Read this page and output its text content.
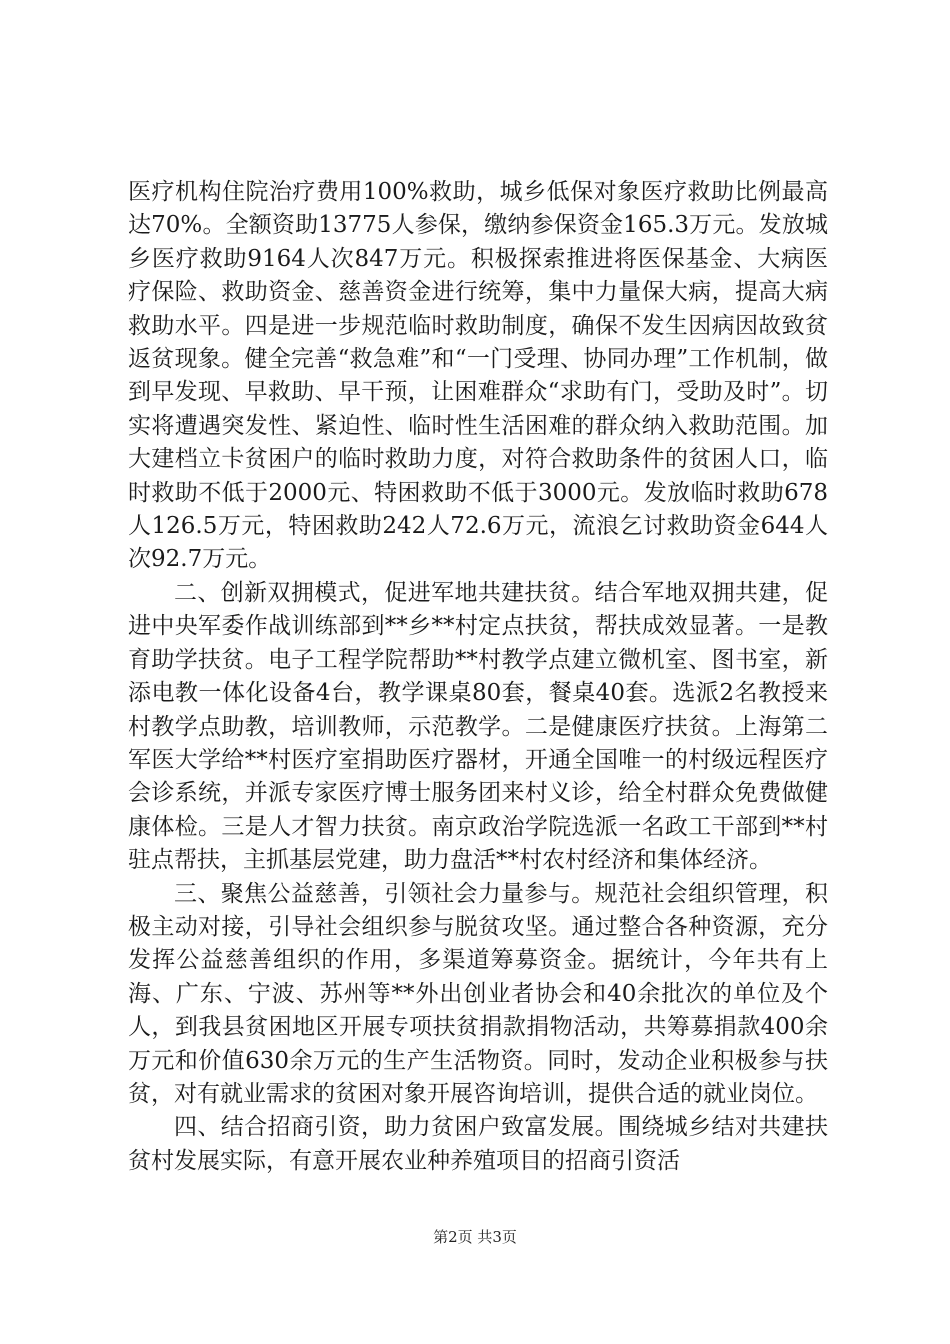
医疗机构住院治疗费用100%救助，城乡低保对象医疗救助比例最高达70%。全额资助13775人参保，缴纳参保资金165.3万元。发放城乡医疗救助9164人次847万元。积极探索推进将医保基金、大病医疗保险、救助资金、慈善资金进行统筹，集中力量保大病，提高大病救助水平。四是进一步规范临时救助制度，确保不发生因病因故致贫返贫现象。健全完善“救急难”和“一门受理、协同办理”工作机制，做到早发现、早救助、早干预，让困难群众“求助有门，受助及时”。切实将遭遇突发性、紧迫性、临时性生活困难的群众纳入救助范围。加大建档立卡贫困户的临时救助力度，对符合救助条件的贫困人口，临时救助不低于2000元、特困救助不低于3000元。发放临时救助678人126.5万元，特困救助242人72.6万元，流浪乞讨救助资金644人次92.7万元。

二、创新双拥模式，促进军地共建扶贫。结合军地双拥共建，促进中央军委作战训练部到**乡**村定点扶贫，帮扶成效显著。一是教育助学扶贫。电子工程学院帮助**村教学点建立微机室、图书室，新添电教一体化设备4台，教学课桌80套，餐桌40套。选派2名教授来村教学点助教，培训教师，示范教学。二是健康医疗扶贫。上海第二军医大学给**村医疗室捐助医疗器材，开通全国唯一的村级远程医疗会诊系统，并派专家医疗博士服务团来村义诊，给全村群众免费做健康体检。三是人才智力扶贫。南京政治学院选派一名政工干部到**村驻点帮扶，主抓基层党建，助力盘活**村农村经济和集体经济。

三、聚焦公益慈善，引领社会力量参与。规范社会组织管理，积极主动对接，引导社会组织参与脱贫攻坚。通过整合各种资源，充分发挥公益慈善组织的作用，多渠道筹募资金。据统计，今年共有上海、广东、宁波、苏州等**外出创业者协会和40余批次的单位及个人，到我县贫困地区开展专项扶贫捐款捐物活动，共筹募捐款400余万元和价值630余万元的生产生活物资。同时，发动企业积极参与扶贫，对有就业需求的贫困对象开展咨询培训，提供合适的就业岗位。

四、结合招商引资，助力贫困户致富发展。围绕城乡结对共建扶贫村发展实际，有意开展农业种养殖项目的招商引资活

第2页 共3页
